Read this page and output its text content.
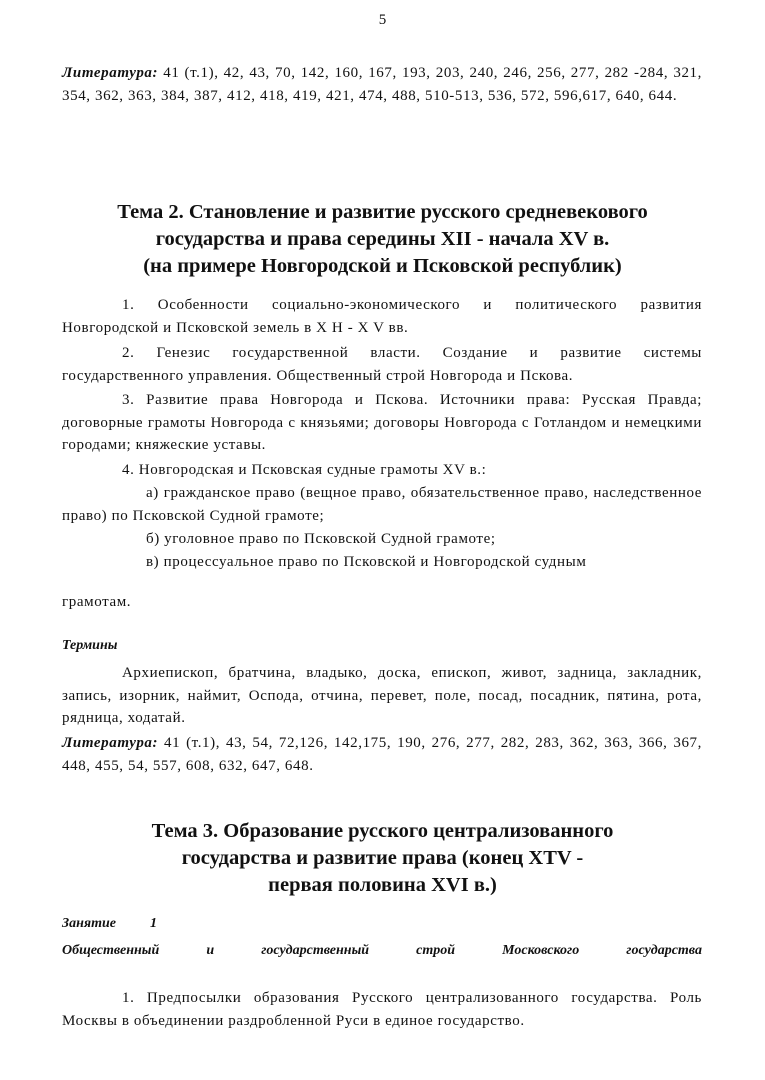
5
Литература: 41 (т.1), 42, 43, 70, 142, 160, 167, 193, 203, 240, 246, 256, 277, 282 -284, 321, 354, 362, 363, 384, 387, 412, 418, 419, 421, 474, 488, 510-513, 536, 572, 596,617, 640, 644.
Тема 2. Становление и развитие русского средневекового
государства и права середины XII - начала XV в.
(на примере Новгородской и Псковской республик)
1. Особенности социально-экономического и политического развития Новгородской и Псковской земель в X H - X V вв.
2. Генезис государственной власти. Создание и развитие системы государственного управления. Общественный строй Новгорода и Пскова.
3. Развитие права Новгорода и Пскова. Источники права: Русская Правда; договорные грамоты Новгорода с князьями; договоры Новгорода с Готландом и немецкими городами; княжеские уставы.
4. Новгородская и Псковская судные грамоты XV в.:
а) гражданское право (вещное право, обязательственное право, наследственное право) по Псковской Судной грамоте;
б) уголовное право по Псковской Судной грамоте;
в) процессуальное право по Псковской и Новгородской судным
грамотам.
Термины
Архиепископ, братчина, владыко, доска, епископ, живот, задница, закладник, запись, изорник, наймит, Оспода, отчина, перевет, поле, посад, посадник, пятина, рота, рядница, ходатай.
Литература: 41 (т.1), 43, 54, 72,126, 142,175, 190, 276, 277, 282, 283, 362, 363, 366, 367, 448, 455, 54, 557, 608, 632, 647, 648.
Тема 3. Образование русского централизованного
государства и развитие права (конец XTV -
первая половина XVI в.)
Занятие 1
Общественный	и	государственный	строй	Московского	государства
1. Предпосылки образования Русского централизованного государства. Роль Москвы в объединении раздробленной Руси в единое государство.
